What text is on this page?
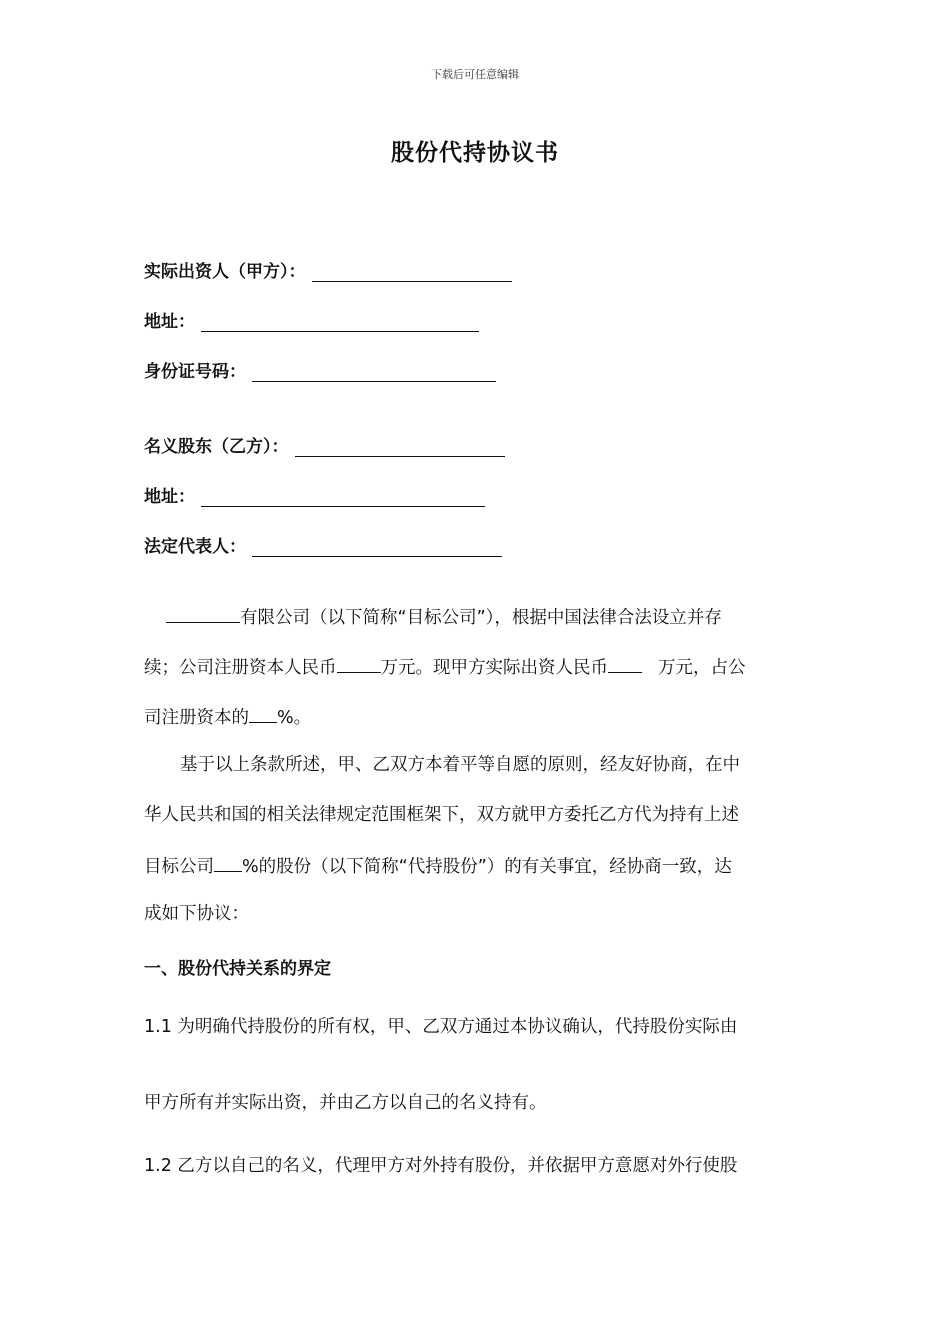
下载后可任意编辑
股份代持协议书
实际出资人（甲方）：
地址：
身份证号码：
名义股东（乙方）：
地址：
法定代表人：
有限公司（以下简称“目标公司”），根据中国法律合法设立并存
续；公司注册资本人民币	万元。现甲方实际出资人民币	万元，占公
司注册资本的 %。
基于以上条款所述，甲、乙双方本着平等自愿的原则，经友好协商，在中
华人民共和国的相关法律规定范围框架下，双方就甲方委托乙方代为持有上述
目标公司 %的股份（以下简称“代持股份”）的有关事宜，经协商一致，达
成如下协议：
一、股份代持关系的界定
1.1 为明确代持股份的所有权，甲、乙双方通过本协议确认，代持股份实际由
甲方所有并实际出资，并由乙方以自己的名义持有。
1.2 乙方以自己的名义，代理甲方对外持有股份，并依据甲方意愿对外行使股
